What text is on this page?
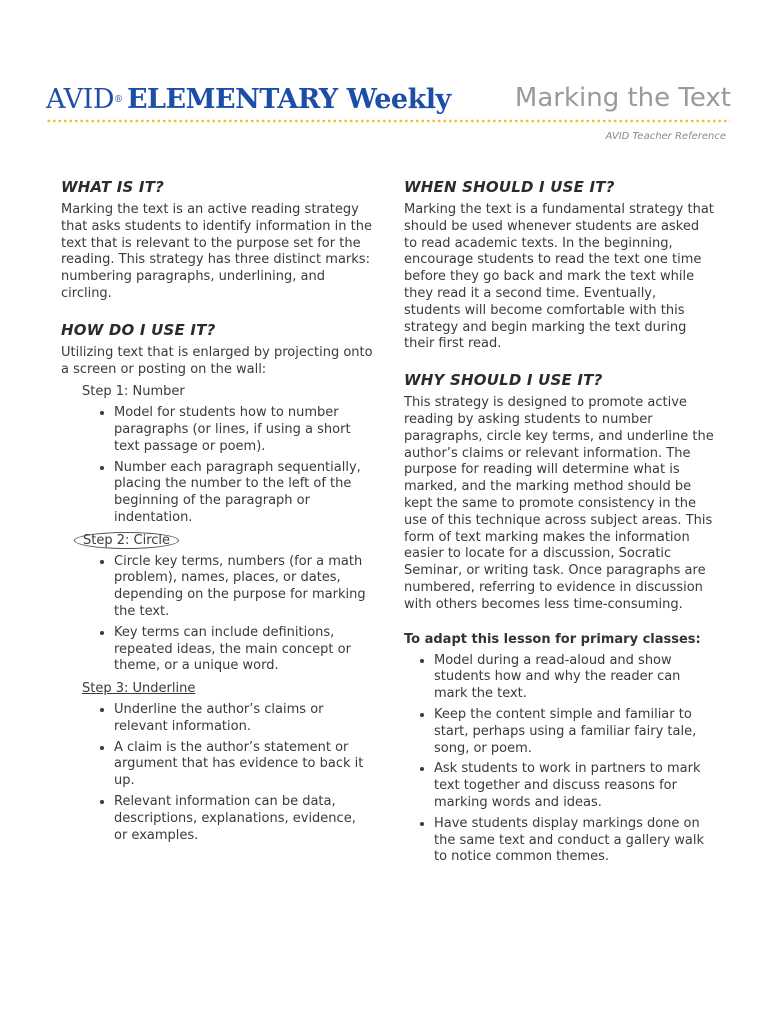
AVID® ELEMENTARY Weekly Marking the Text
AVID Teacher Reference
WHAT IS IT?

Marking the text is an active reading strategy that asks students to identify information in the text that is relevant to the purpose set for the reading. This strategy has three distinct marks: numbering paragraphs, underlining, and circling.

HOW DO I USE IT?

Utilizing text that is enlarged by projecting onto a screen or posting on the wall:

Step 1: Number
• Model for students how to number paragraphs (or lines, if using a short text passage or poem).
• Number each paragraph sequentially, placing the number to the left of the beginning of the paragraph or indentation.
Step 2: Circle
• Circle key terms, numbers (for a math problem), names, places, or dates, depending on the purpose for marking the text.
• Key terms can include definitions, repeated ideas, the main concept or theme, or a unique word.
Step 3: Underline
• Underline the author’s claims or relevant information.
• A claim is the author’s statement or argument that has evidence to back it up.
• Relevant information can be data, descriptions, explanations, evidence, or examples.
WHEN SHOULD I USE IT?

Marking the text is a fundamental strategy that should be used whenever students are asked to read academic texts. In the beginning, encourage students to read the text one time before they go back and mark the text while they read it a second time. Eventually, students will become comfortable with this strategy and begin marking the text during their first read.

WHY SHOULD I USE IT?

This strategy is designed to promote active reading by asking students to number paragraphs, circle key terms, and underline the author’s claims or relevant information. The purpose for reading will determine what is marked, and the marking method should be kept the same to promote consistency in the use of this technique across subject areas. This form of text marking makes the information easier to locate for a discussion, Socratic Seminar, or writing task. Once paragraphs are numbered, referring to evidence in discussion with others becomes less time-consuming.

To adapt this lesson for primary classes:
• Model during a read-aloud and show students how and why the reader can mark the text.
• Keep the content simple and familiar to start, perhaps using a familiar fairy tale, song, or poem.
• Ask students to work in partners to mark text together and discuss reasons for marking words and ideas.
• Have students display markings done on the same text and conduct a gallery walk to notice common themes.
